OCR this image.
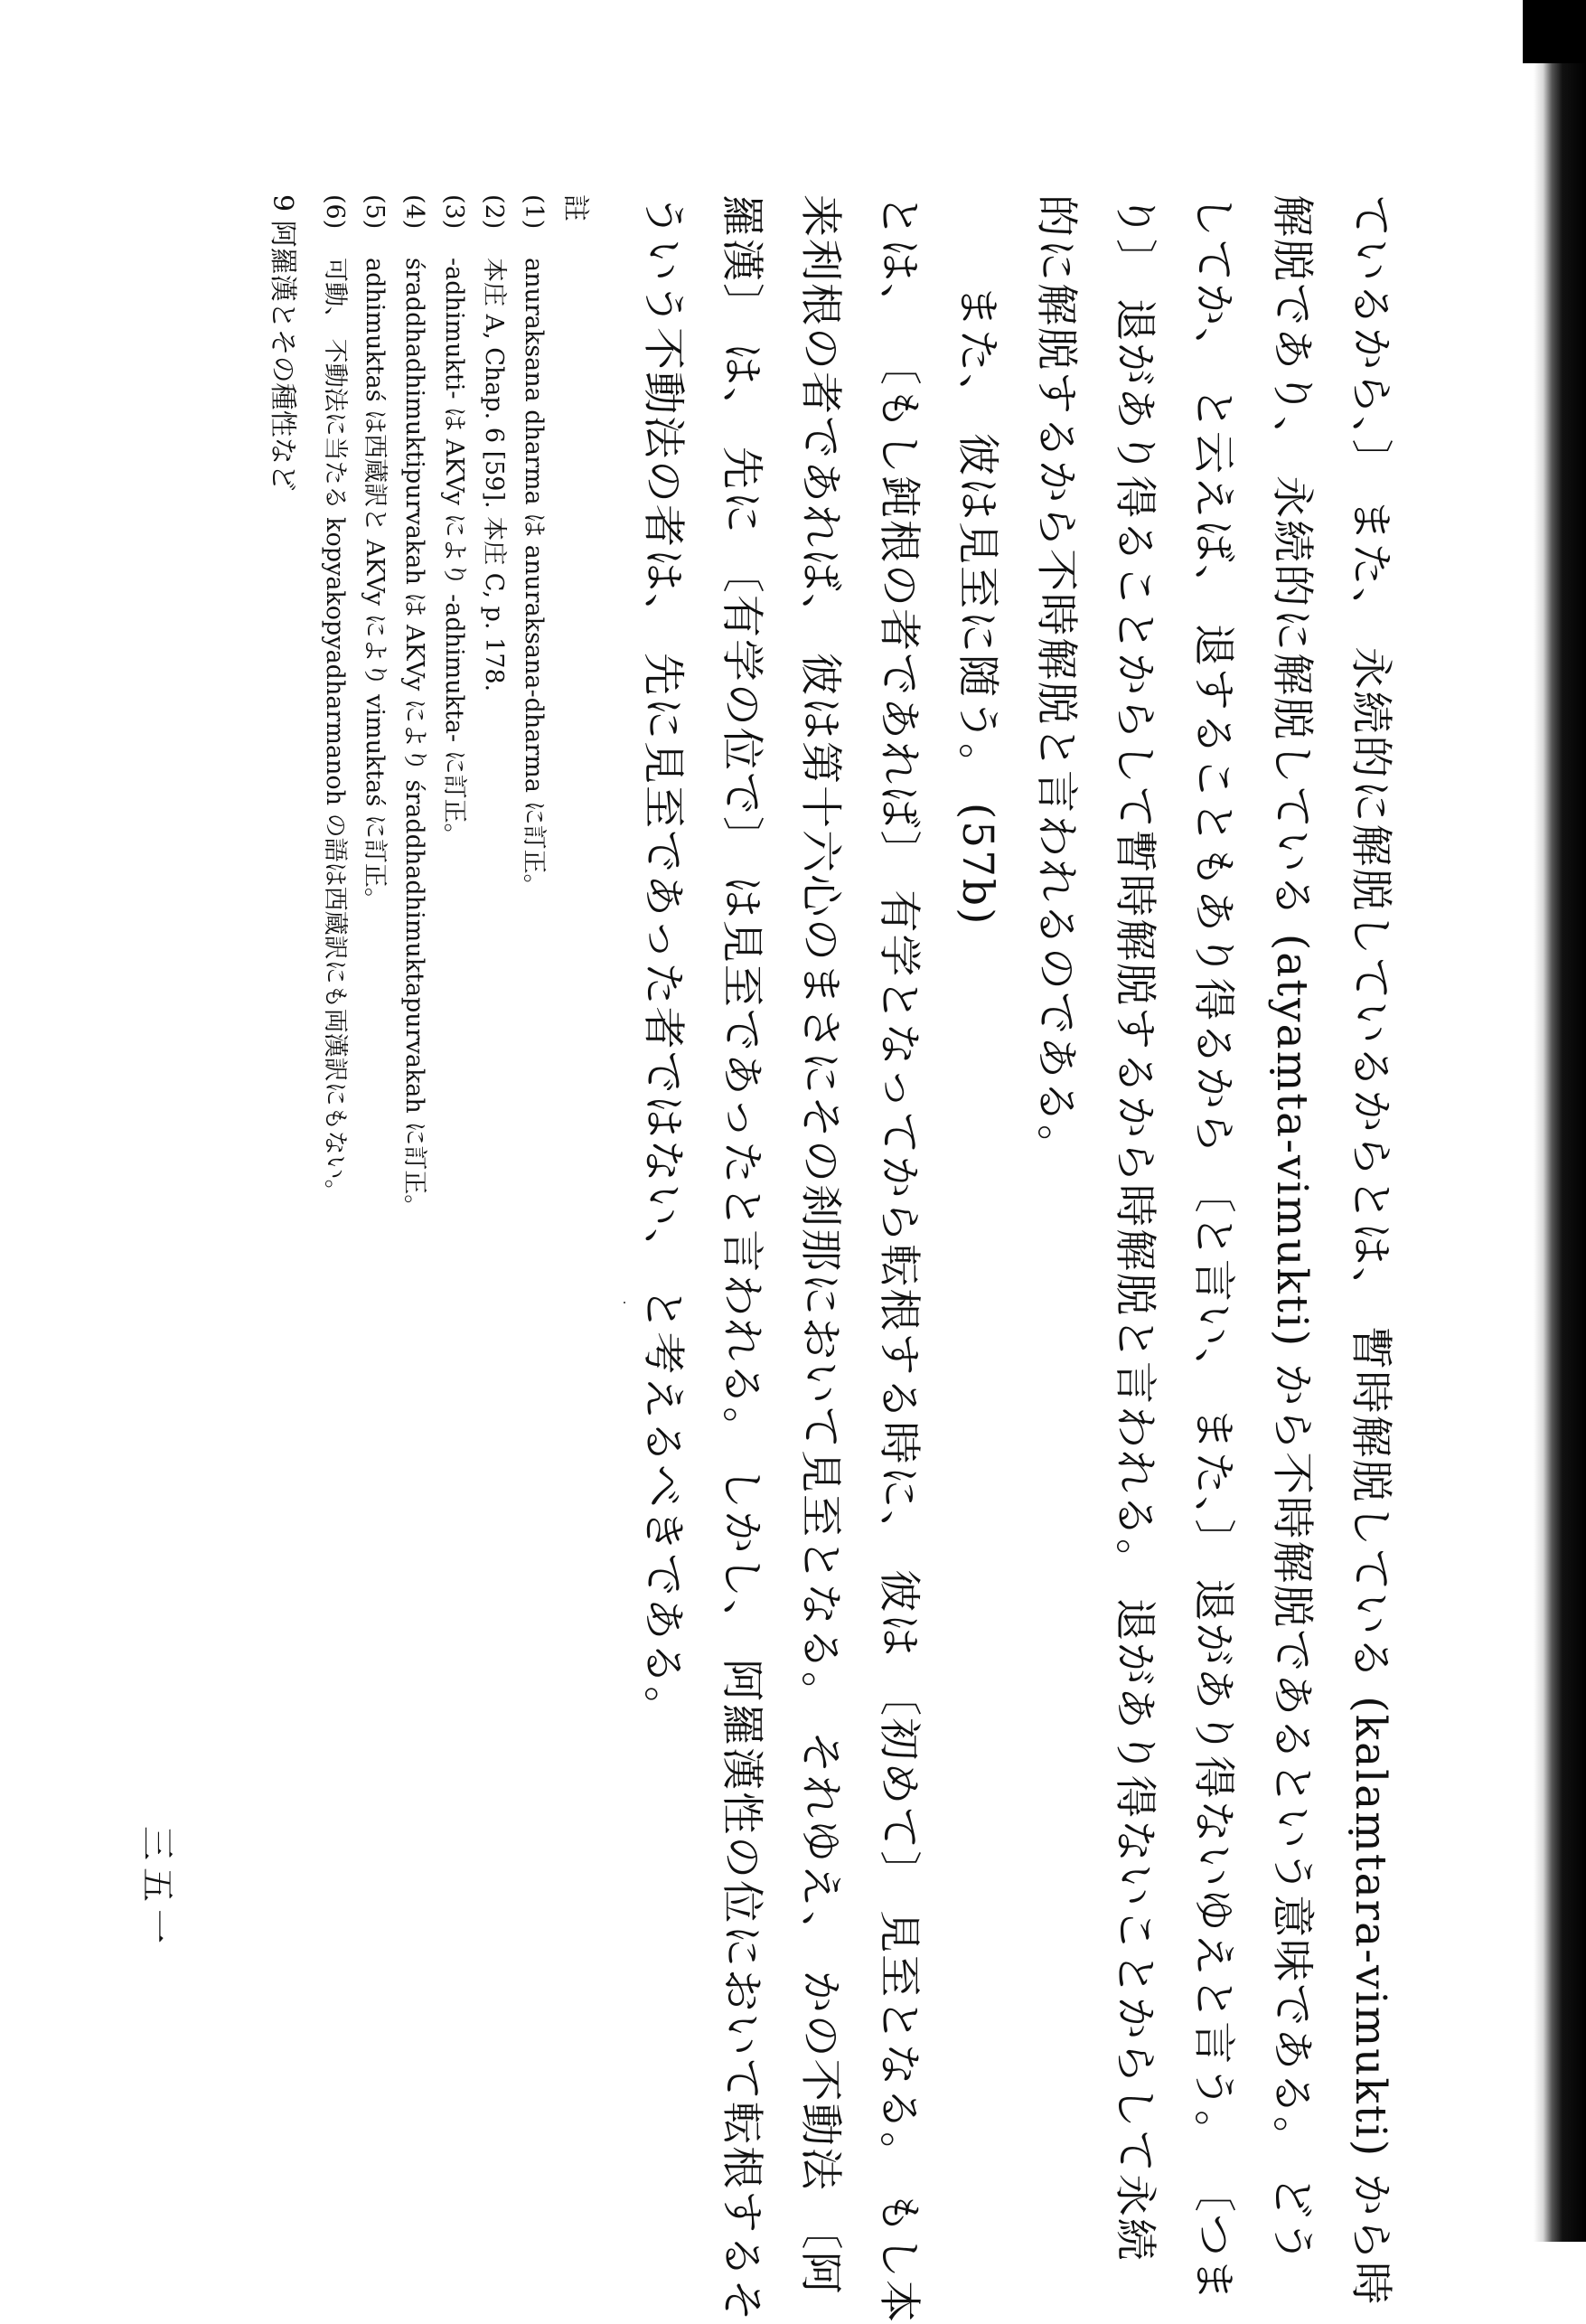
ているから、〕 また、 永続的に解脱しているからとは、 暫時解脱している (kalaṃtara-vimukti) から時
解脱であり、 永続的に解脱している (atyaṃta-vimukti) から不時解脱であるという意味である。 どう
してか、 と云えば、 退することもあり得るから 〔と言い、 また、〕 退があり得ないゆえと言う。 〔つま
り〕 退があり得ることからして暫時解脱するから時解脱と言われる。 退があり得ないことからして永続
的に解脱するから不時解脱と言われるのである。
また、 彼は見至に随う。 (57b)
とは、 〔もし鈍根の者であれば〕 有学となってから転根する時に、 彼は 〔初めて〕 見至となる。 もし本
来利根の者であれば、 彼は第十六心のまさにその刹那において見至となる。 それゆえ、 かの不動法 〔阿
羅漢〕 は、 先に 〔有学の位で〕 は見至であったと言われる。 しかし、 阿羅漢性の位において転根するそ
ういう不動法の者は、 先に見至であった者ではない、 と考えるべきである。
註
(1)anuraksana dharma は anuraksana-dharma に訂正。
(2)本庄 A, Chap. 6 [59]. 本庄 C, p. 178.
(3)-adhimukti- は AKVy により -adhimukta- に訂正。
(4)śraddhadhimuktipurvakah は AKVy により śraddhadhimuktapurvakah に訂正。
(5)adhimuktaś は西蔵訳と AKVy により vimuktaś に訂正。
(6)可動、 不動法に当たる kopyakopyadharmanoh の語は西蔵訳にも両漢訳にもない。
9 阿羅漢とその種性など
三五一
